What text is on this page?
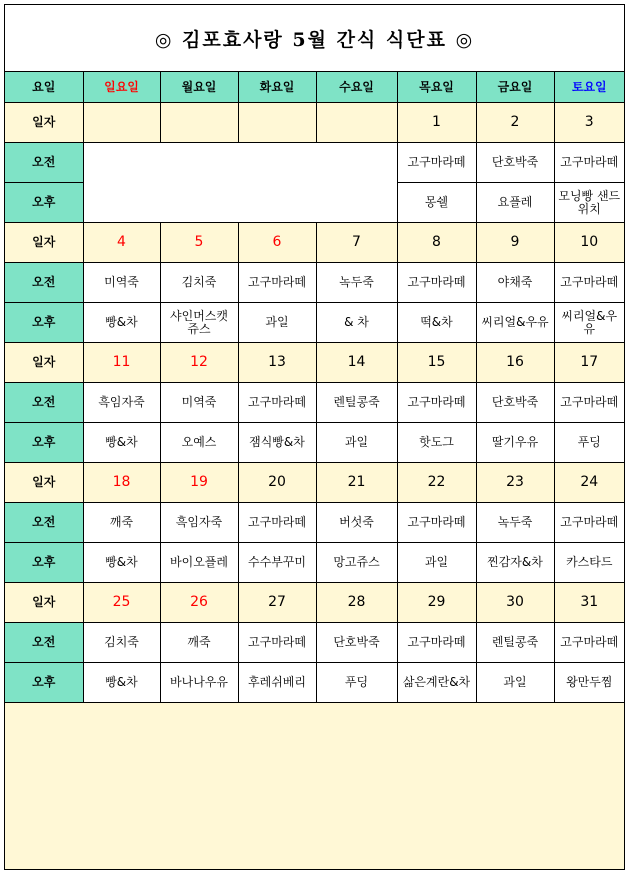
◎ 김포효사랑 5월 간식 식단표 ◎
요일	일요일	월요일	화요일	수요일	목요일	금요일	토요일
일자					1	2	3
오전					고구마라떼	단호박죽	고구마라떼
오후					몽쉘	요플레	모닝빵 샌드위치
일자	4	5	6	7	8	9	10
오전	미역죽	김치죽	고구마라떼	녹두죽	고구마라떼	야채죽	고구마라떼
오후	빵&차	샤인머스캣 쥬스	과일	& 차	떡&차	씨리얼&우유	씨리얼&우유
일자	11	12	13	14	15	16	17
오전	흑임자죽	미역죽	고구마라떼	렌틸콩죽	고구마라떼	단호박죽	고구마라떼
오후	빵&차	오예스	잼식빵&차	과일	핫도그	딸기우유	푸딩
일자	18	19	20	21	22	23	24
오전	깨죽	흑임자죽	고구마라떼	버섯죽	고구마라떼	녹두죽	고구마라떼
오후	빵&차	바이오플레	수수부꾸미	망고쥬스	과일	찐감자&차	카스타드
일자	25	26	27	28	29	30	31
오전	김치죽	깨죽	고구마라떼	단호박죽	고구마라떼	렌틸콩죽	고구마라떼
오후	빵&차	바나나우유	후레쉬베리	푸딩	삶은계란&차	과일	왕만두찜
